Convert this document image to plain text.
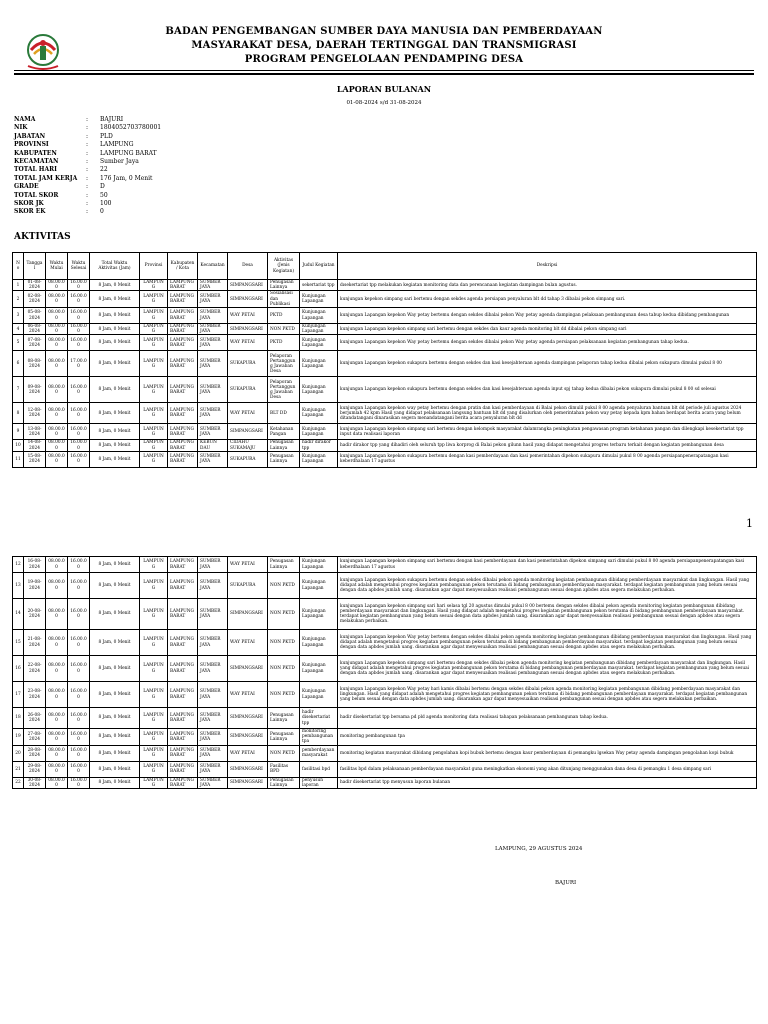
BADAN PENGEMBANGAN SUMBER DAYA MANUSIA DAN PEMBERDAYAAN
MASYARAKAT DESA, DAERAH TERTINGGAL DAN TRANSMIGRASI
PROGRAM PENGELOLAAN PENDAMPING DESA
LAPORAN BULANAN
01-08-2024 s/d 31-08-2024
NAMA	:	BAJURI
NIK	:	1804052703780001
JABATAN	:	PLD
PROVINSI	:	LAMPUNG
KABUPATEN	:	LAMPUNG BARAT
KECAMATAN	:	Sumber Jaya
TOTAL HARI	:	22
TOTAL JAM KERJA	:	176 Jam, 0 Menit
GRADE	:	D
TOTAL SKOR	:	50
SKOR JK	:	100
SKOR EK	:	0
AKTIVITAS
No	Tanggal	Waktu Mulai	Waktu Selesai	Total Waktu Aktivitas (Jam)	Provinsi	Kabupaten / Kota	Kecamatan	Desa	Aktivitas (Jenis Kegiatan)	Judul Kegiatan	Deskripsi
1	01-08-2024	08.00.00	16.00.00	8 Jam, 0 Menit	LAMPUNG	LAMPUNG BARAT	SUMBER JAYA	SIMPANGSARI	Penugasan Lainnya	sekertariat tpp	dısekertariat tpp melakukan kegiatan monitoring data dan perencanaan kegiatan dampingan bulan agustus.
2	02-08-2024	08.00.00	16.00.00	8 Jam, 0 Menit	LAMPUNG	LAMPUNG BARAT	SUMBER JAYA	SIMPANGSARI	Sosialisasi dan Publikasi	Kunjungan Lapangan	kunjungan kepekon simpang sari bertemu dengan sekdes agenda persiapan penyaluran blt dd tahap 3 dibalai pekon simpang sari.
3	05-08-2024	08.00.00	16.00.00	8 Jam, 0 Menit	LAMPUNG	LAMPUNG BARAT	SUMBER JAYA	WAY PETAI	PKTD	Kunjungan Lapangan	kunjungan Lapangan kepekon Way petay bertemu dengan sekdes dibalai pekon Way petay agenda dampingan pelaksaan pembangunan desa tabup kedua dibidang pembangunan
4	06-08-2024	08.00.00	16.00.00	8 Jam, 0 Menit	LAMPUNG	LAMPUNG BARAT	SUMBER JAYA	SIMPANGSARI	NON PKTD	Kunjungan Lapangan	kunjungan Lapangan kepekon simpang sari bertemu dengan sekdes dan kaur agenda monitoring blt dd dibalai pekon simpang sari
5	07-08-2024	08.00.00	16.00.00	8 Jam, 0 Menit	LAMPUNG	LAMPUNG BARAT	SUMBER JAYA	WAY PETAI	PKTD	Kunjungan Lapangan	kunjungan Lapangan kepekon Way petay bertemu dengan sekdes dibalai pekon Way petay agenda persiapan pelaksanaan kegiatan pembangunan tahap kedua.
6	08-08-2024	08.00.00	17.00.00	8 Jam, 0 Menit	LAMPUNG	LAMPUNG BARAT	SUMBER JAYA	SUKAPURA	Pelaporan Pertanggung Jawaban Desa	Kunjungan Lapangan	kunjungan Lapangan kepekon sukapura bertemu dengan sekdes dan kasi kesejahteraan agenda dampingan pelaporan tahap kedua dibalai pekon sukapura dimulai pukul 8 00
7	09-08-2024	08.00.00	16.00.00	8 Jam, 0 Menit	LAMPUNG	LAMPUNG BARAT	SUMBER JAYA	SUKAPURA	Pelaporan Pertanggung Jawaban Desa	Kunjungan Lapangan	kunjungan Lapangan kepekon sukapura bertemu dengan sekdes dan kasi kesejahteraan agenda input spj tahap kedua dibalai pekon sukapura dimulai pukul 8 00 sd selesai
8	12-08-2024	08.00.00	16.00.00	8 Jam, 0 Menit	LAMPUNG	LAMPUNG BARAT	SUMBER JAYA	WAY PETAI	BLT DD	Kunjungan Lapangan	kunjungan Lapangan kepekon way petay bertemu dengan pratin dan kasi pemberdayaan di Balai pekon dimulil pukul 8 00 agenda penyaluran bantuan blt dd periode juli agustus 2024 berjumlah 42 kpm Hasil yang didapat pelaksanaan langsung bantuan blt dd yang disalurkan oleh pemerintahan pekon way petay kepada kpm bahan berdapat berita acara yang belum ditandatangani dinarasikan segera menandatangani berita acara penyaluran blt dd
9	13-08-2024	08.00.00	16.00.00	8 Jam, 0 Menit	LAMPUNG	LAMPUNG BARAT	SUMBER JAYA	SIMPANGSARI	Ketahanan Pangan	Kunjungan Lapangan	kunjungan Lapangan kepekon simpang sari bertemu dengan kelompok masyarakat dalamrangka peningkatan pengawasan program ketahanan pangan dan dilengkapi kesekertariat tpp input data realisasi laporan
10	14-08-2024	08.00.00	16.00.00	8 Jam, 0 Menit	LAMPUNG	LAMPUNG BARAT	KEBUN DAU	CIDAHU SUKAMAJU	Penugasan Lainnya	hadir dirakor tpp	hadir dirakor tpp yang dihadiri oleh seluruh tpp liwa korprog di Balai pekon gilunn hasil yang didapat mengetahui progres terbaru terkait dengan kegiatan pembangunan desa
11	15-08-2024	08.00.00	16.00.00	8 Jam, 0 Menit	LAMPUNG	LAMPUNG BARAT	SUMBER JAYA	SUKAPURA	Penugasan Lainnya	Kunjungan Lapangan	kunjungan Lapangan kepekon sukapura bertemu dengan kasi pemberdayaan dan kasi pemerintahan dipekon sukapura dimulai pukul 8 00 agenda persiapanpenerapatangan kasi keberdhalaan 17 agustus
1
12	16-08-2024	08.00.00	16.00.00	8 Jam, 0 Menit	LAMPUNG	LAMPUNG BARAT	SUMBER JAYA	WAY PETAI	Penugasan Lainnya	Kunjungan Lapangan	kunjungan Lapangan kepekon simpang sari bertemu dengan kasi pemberdayaan dan kasi pemerintahan dipekon simpang sari dimulai pukul 8 00 agenda persiapanpenerapatangan kasi keberdhalaan 17 agustus
13	19-08-2024	08.00.00	16.00.00	8 Jam, 0 Menit	LAMPUNG	LAMPUNG BARAT	SUMBER JAYA	SUKAPURA	NON PKTD	Kunjungan Lapangan	kunjungan Lapangan kepekon sukapura bertemu dengan sekdes dibalai pekon agenda monitoring kegiatan pembangunan dibidang pemberdayaan masyarakat dan lingkungan. Hasil yang didapat adalah mengetahui progres kegiatan pembangunan pekon terutama di bidang pembangunan pemberdayaan masyarakat. terdapat kegiatan pembangunan yang belum sesuai dengan data apbdes jumlah uang. disarankan agar dapat menyesuaikan realisasi pembangunan sesuai dengan apbdes atau segera melakukan perbaikan.
14	20-08-2024	08.00.00	16.00.00	8 Jam, 0 Menit	LAMPUNG	LAMPUNG BARAT	SUMBER JAYA	SIMPANGSARI	NON PKTD	Kunjungan Lapangan	kunjungan Lapangan kepekon simpang sari hari selasa tgl 20 agustus dimulai pukul 8 00 bertemu dengan sekdes dibalai pekon agenda monitoring kegiatan pembangunan dibidang pemberdayaan masyarakat dan lingkungan. Hasil yang didapat adalah mengetahui progres kegiatan pembangunan pekon terutama di bidang pembangunan pemberdayaan masyarakat. terdapat kegiatan pembangunan yang belum sesuai dengan data apbdes jumlah uang. disarankan agar dapat menyesuaikan realisasi pembangunan sesuai dengan apbdes atau segera melakukan perbaikan.
15	21-08-2024	08.00.00	16.00.00	8 Jam, 0 Menit	LAMPUNG	LAMPUNG BARAT	SUMBER JAYA	WAY PETAI	NON PKTD	Kunjungan Lapangan	kunjungan Lapangan kepekon Way petay bertemu dengan sekdes dibalai pekon agenda monitoring kegiatan pembangunan dibidang pemberdayaan masyarakat dan lingkungan. Hasil yang didapat adalah mengetahui progres kegiatan pembangunan pekon terutama di bidang pembangunan pemberdayaan masyarakat. terdapat kegiatan pembangunan yang belum sesuai dengan data apbdes jumlah uang. disarankan agar dapat menyesuaikan realisasi pembangunan sesuai dengan apbdes atau segera melakukan perbaikan.
16	22-08-2024	08.00.00	16.00.00	8 Jam, 0 Menit	LAMPUNG	LAMPUNG BARAT	SUMBER JAYA	SIMPANGSARI	NON PKTD	Kunjungan Lapangan	kunjungan Lapangan kepekon simpang sari bertemu dengan sekdes dibalai pekon agenda monitoring kegiatan pembangunan dibidang pemberdayaan masyarakat dan lingkungan. Hasil yang didapat adalah mengetahui progres kegiatan pembangunan pekon terutama di bidang pembangunan pemberdayaan masyarakat. terdapat kegiatan pembangunan yang belum sesuai dengan data apbdes jumlah uang. disarankan agar dapat menyesuaikan realisasi pembangunan sesuai dengan apbdes atau segera melakukan perbaikan.
17	23-08-2024	08.00.00	16.00.00	8 Jam, 0 Menit	LAMPUNG	LAMPUNG BARAT	SUMBER JAYA	WAY PETAI	NON PKTD	Kunjungan Lapangan	kunjungan Lapangan kepekon Way petay hari kamis dibalai bertemu dengan sekdes dibalai pekon agenda monitoring kegiatan pembangunan dibidang pemberdayaan masyarakat dan lingkungan. Hasil yang didapat adalah mengetahui progres kegiatan pembangunan pekon terutama di bidang pembangunan pemberdayaan masyarakat. terdapat kegiatan pembangunan yang belum sesuai dengan data apbdes jumlah uang. disarankan agar dapat menyesuaikan realisasi pembangunan sesuai dengan apbdes atau segera melakukan perbaikan.
18	26-08-2024	08.00.00	16.00.00	8 Jam, 0 Menit	LAMPUNG	LAMPUNG BARAT	SUMBER JAYA	SIMPANGSARI	Penugasan Lainnya	hadir disekertariat tpp	hadir disekertariat tpp bersama pd pld agenda monitoring data realisasi tahapan pelaksanaan pembangunan tahap kedua.
19	27-08-2024	08.00.00	16.00.00	8 Jam, 0 Menit	LAMPUNG	LAMPUNG BARAT	SUMBER JAYA	SIMPANGSARI	Penugasan Lainnya	monitoring pembangunan tpa	monitoring pembangunan tpa
20	28-08-2024	08.00.00	16.00.00	8 Jam, 0 Menit	LAMPUNG	LAMPUNG BARAT	SUMBER JAYA	WAY PETAI	NON PKTD	pemberdayaan masyarakat	monitoring kegiatan masyarakat dibidang pengolahan kopi bubuk bertemu dengan kaur pemberdayaan di pemangku lgsekan Way petay agenda dampingan pengolahan kopi bubuk
21	29-08-2024	08.00.00	16.00.00	8 Jam, 0 Menit	LAMPUNG	LAMPUNG BARAT	SUMBER JAYA	SIMPANGSARI	Fasilitas BPD	fasilitasi bpd	fasilitas bpd dalam pelaksanaan pemberdayaan masyarakat guna meningkatkan ekonomi yang akan ditunjang menggunakan dana desa di pemangku 1 desa simpang sari
22	30-08-2024	08.00.00	16.00.00	8 Jam, 0 Menit	LAMPUNG	LAMPUNG BARAT	SUMBER JAYA	SIMPANGSARI	Penugasan Lainnya	penyusun laporan	hadir disekertariat tpp menyusun laporan bulanan
LAMPUNG, 29 AGUSTUS 2024
BAJURI
